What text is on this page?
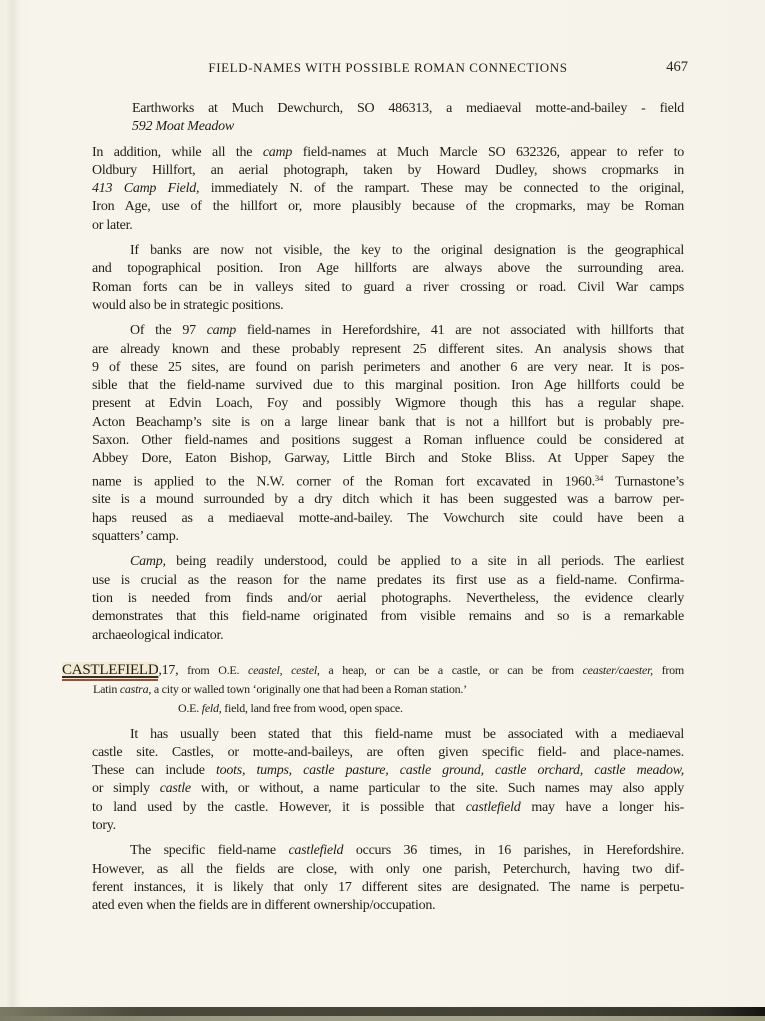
FIELD-NAMES WITH POSSIBLE ROMAN CONNECTIONS	467
Earthworks at Much Dewchurch, SO 486313, a mediaeval motte-and-bailey - field
592 Moat Meadow
In addition, while all the camp field-names at Much Marcle SO 632326, appear to refer to
Oldbury Hillfort, an aerial photograph, taken by Howard Dudley, shows cropmarks in
413 Camp Field, immediately N. of the rampart. These may be connected to the original,
Iron Age, use of the hillfort or, more plausibly because of the cropmarks, may be Roman
or later.
If banks are now not visible, the key to the original designation is the geographical
and topographical position. Iron Age hillforts are always above the surrounding area.
Roman forts can be in valleys sited to guard a river crossing or road. Civil War camps
would also be in strategic positions.
Of the 97 camp field-names in Herefordshire, 41 are not associated with hillforts that
are already known and these probably represent 25 different sites. An analysis shows that
9 of these 25 sites, are found on parish perimeters and another 6 are very near. It is pos-
sible that the field-name survived due to this marginal position. Iron Age hillforts could be
present at Edvin Loach, Foy and possibly Wigmore though this has a regular shape.
Acton Beachamp’s site is on a large linear bank that is not a hillfort but is probably pre-
Saxon. Other field-names and positions suggest a Roman influence could be considered at
Abbey Dore, Eaton Bishop, Garway, Little Birch and Stoke Bliss. At Upper Sapey the
name is applied to the N.W. corner of the Roman fort excavated in 1960.34 Turnastone’s
site is a mound surrounded by a dry ditch which it has been suggested was a barrow per-
haps reused as a mediaeval motte-and-bailey. The Vowchurch site could have been a
squatters’ camp.
Camp, being readily understood, could be applied to a site in all periods. The earliest
use is crucial as the reason for the name predates its first use as a field-name. Confirma-
tion is needed from finds and/or aerial photographs. Nevertheless, the evidence clearly
demonstrates that this field-name originated from visible remains and so is a remarkable
archaeological indicator.
CASTLEFIELD,17, from O.E. ceastel, cestel, a heap, or can be a castle, or can be from ceaster/caester, from
Latin castra, a city or walled town ‘originally one that had been a Roman station.’
O.E. feld, field, land free from wood, open space.
It has usually been stated that this field-name must be associated with a mediaeval
castle site. Castles, or motte-and-baileys, are often given specific field- and place-names.
These can include toots, tumps, castle pasture, castle ground, castle orchard, castle meadow,
or simply castle with, or without, a name particular to the site. Such names may also apply
to land used by the castle. However, it is possible that castlefield may have a longer his-
tory.
The specific field-name castlefield occurs 36 times, in 16 parishes, in Herefordshire.
However, as all the fields are close, with only one parish, Peterchurch, having two dif-
ferent instances, it is likely that only 17 different sites are designated. The name is perpetu-
ated even when the fields are in different ownership/occupation.
